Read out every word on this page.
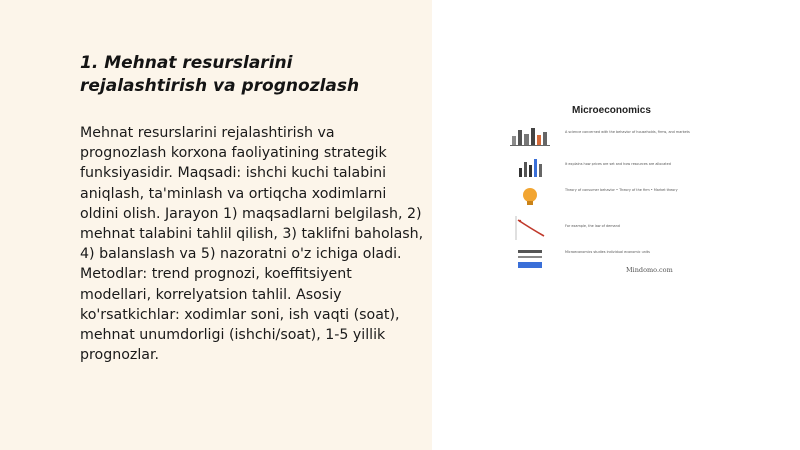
1. Mehnat resurslarini rejalashtirish va prognozlash

Mehnat resurslarini rejalashtirish va prognozlash korxona faoliyatining strategik funksiyasidir. Maqsadi: ishchi kuchi talabini aniqlash, ta'minlash va ortiqcha xodimlarni oldini olish. Jarayon 1) maqsadlarni belgilash, 2) mehnat talabini tahlil qilish, 3) taklifni baholash, 4) balanslash va 5) nazoratni o'z ichiga oladi. Metodlar: trend prognozi, koeffitsiyent modellari, korrelyatsion tahlil. Asosiy ko'rsatkichlar: xodimlar soni, ish vaqti (soat), mehnat unumdorligi (ishchi/soat), 1-5 yillik prognozlar.

Microeconomics
A science concerned with the behavior of households, firms, and markets
It explains how prices are set and how resources are allocated
Theory of consumer behavior • Theory of the firm • Market theory
For example, the law of demand
Microeconomics studies individual economic units
Mindomo.com
